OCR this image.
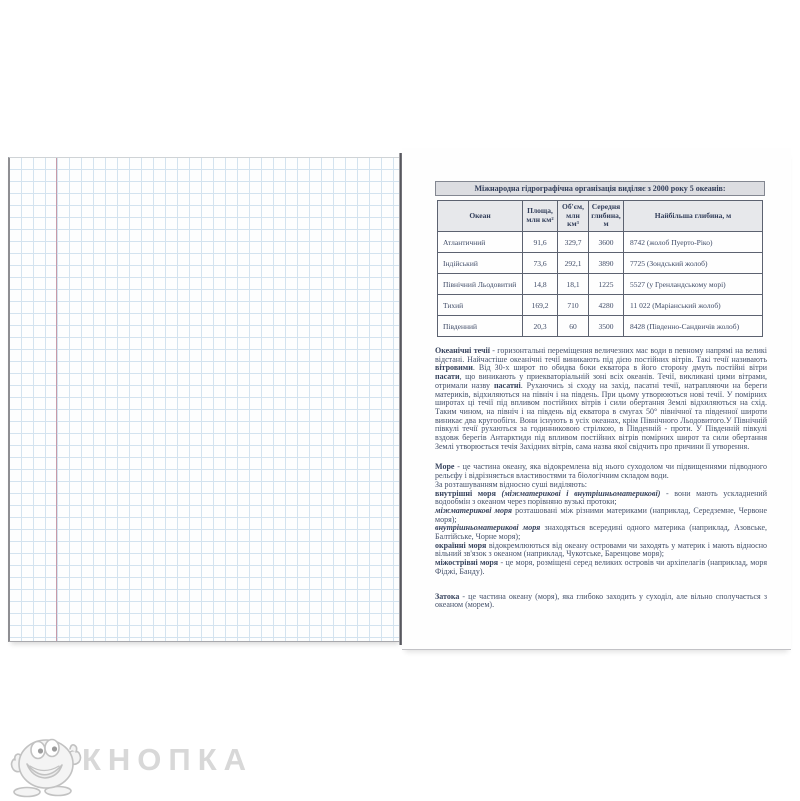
Міжнародна гідрографічна організація виділяє з 2000 року 5 океанів:
Океан	Площа, млн км²	Об'єм, млн км³	Середня глибина, м	Найбільша глибина, м
Атлантичний	91,6	329,7	3600	8742 (жолоб Пуерто-Ріко)
Індійський	73,6	292,1	3890	7725 (Зондський жолоб)
Північний Льодовитий	14,8	18,1	1225	5527 (у Гренландському морі)
Тихий	169,2	710	4280	11 022 (Маріанський жолоб)
Південний	20,3	60	3500	8428 (Південно-Сандвичів жолоб)

Океанічні течії - горизонтальні переміщення величезних мас води в певному напрямі на великі відстані. Найчастіше океанічні течії виникають під дією постійних вітрів. Такі течії називають вітровими. Від 30-х широт по обидва боки екватора в його сторону дмуть постійні вітри пасати, що виникають у приекваторіальній зоні всіх океанів. Течії, викликані цими вітрами, отримали назву пасатні. Рухаючись зі сходу на захід, пасатні течії, натрапляючи на береги материків, відхиляються на північ і на південь. При цьому утворюються нові течії. У помірних широтах ці течії під впливом постійних вітрів і сили обертання Землі відхиляються на схід. Таким чином, на північ і на південь від екватора в смугах 50° північної та південної широти виникає два кругообіги. Вони існують в усіх океанах, крім Північного Льодовитого.У Північній півкулі течії рухаються за годинниковою стрілкою, в Південній - проти. У Південній півкулі вздовж берегів Антарктиди під впливом постійних вітрів помірних широт та сили обертання Землі утворюється течія Західних вітрів, сама назва якої свідчить про причини її утворення.

Море - це частина океану, яка відокремлена від нього суходолом чи підвищеннями підводного рельєфу і відрізняється властивостями та біологічним складом води.

За розташуванням відносно суші виділяють:

внутрішні моря (міжматерикові і внутрішньоматерикові) - вони мають ускладнений водообмін з океаном через порівняно вузькі протоки;

міжматерикові моря розташовані між різними материками (наприклад, Середземне, Червоне моря);

внутрішньоматерикові моря знаходяться всередині одного материка (наприклад, Азовське, Балтійське, Чорне моря);

окраїнні моря відокремлюються від океану островами чи заходять у материк і мають відносно вільний зв'язок з океаном (наприклад, Чукотське, Баренцове моря);

міжострівні моря - це моря, розміщені серед великих островів чи архіпелагів (наприклад, моря Фіджі, Банду).

Затока - це частина океану (моря), яка глибоко заходить у суходіл, але вільно сполучається з океаном (морем).

КНОПКА
